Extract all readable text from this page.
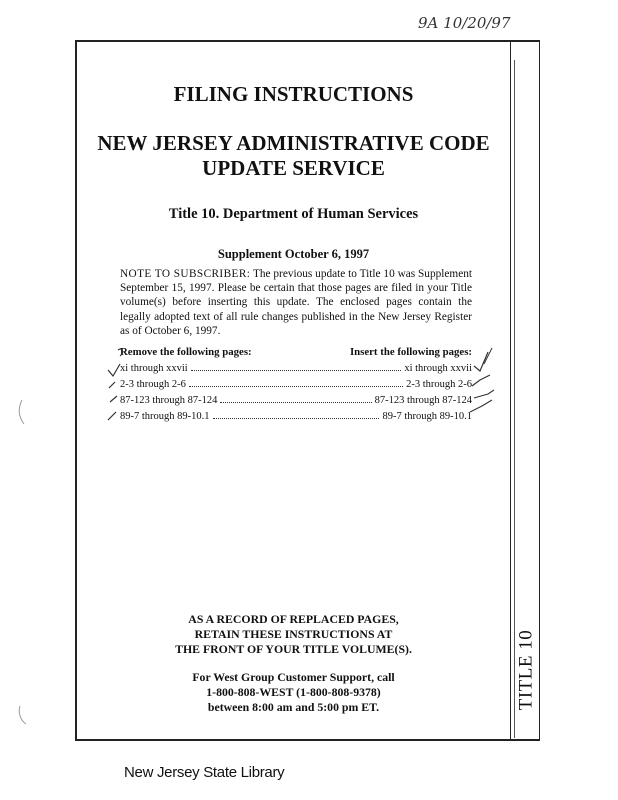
9A 10/20/97
TITLE 10
FILING INSTRUCTIONS
NEW JERSEY ADMINISTRATIVE CODE
UPDATE SERVICE
Title 10. Department of Human Services
Supplement October 6, 1997
NOTE TO SUBSCRIBER: The previous update to Title 10 was Supplement September 15, 1997. Please be certain that those pages are filed in your Title volume(s) before inserting this update. The enclosed pages contain the legally adopted text of all rule changes published in the New Jersey Register as of October 6, 1997.
Remove the following pages:	Insert the following pages:
xi through xxvii	xi through xxvii
2-3 through 2-6	2-3 through 2-6
87-123 through 87-124	87-123 through 87-124
89-7 through 89-10.1	89-7 through 89-10.1
AS A RECORD OF REPLACED PAGES,
RETAIN THESE INSTRUCTIONS AT
THE FRONT OF YOUR TITLE VOLUME(S).
For West Group Customer Support, call
1-800-808-WEST (1-800-808-9378)
between 8:00 am and 5:00 pm ET.
New Jersey State Library
